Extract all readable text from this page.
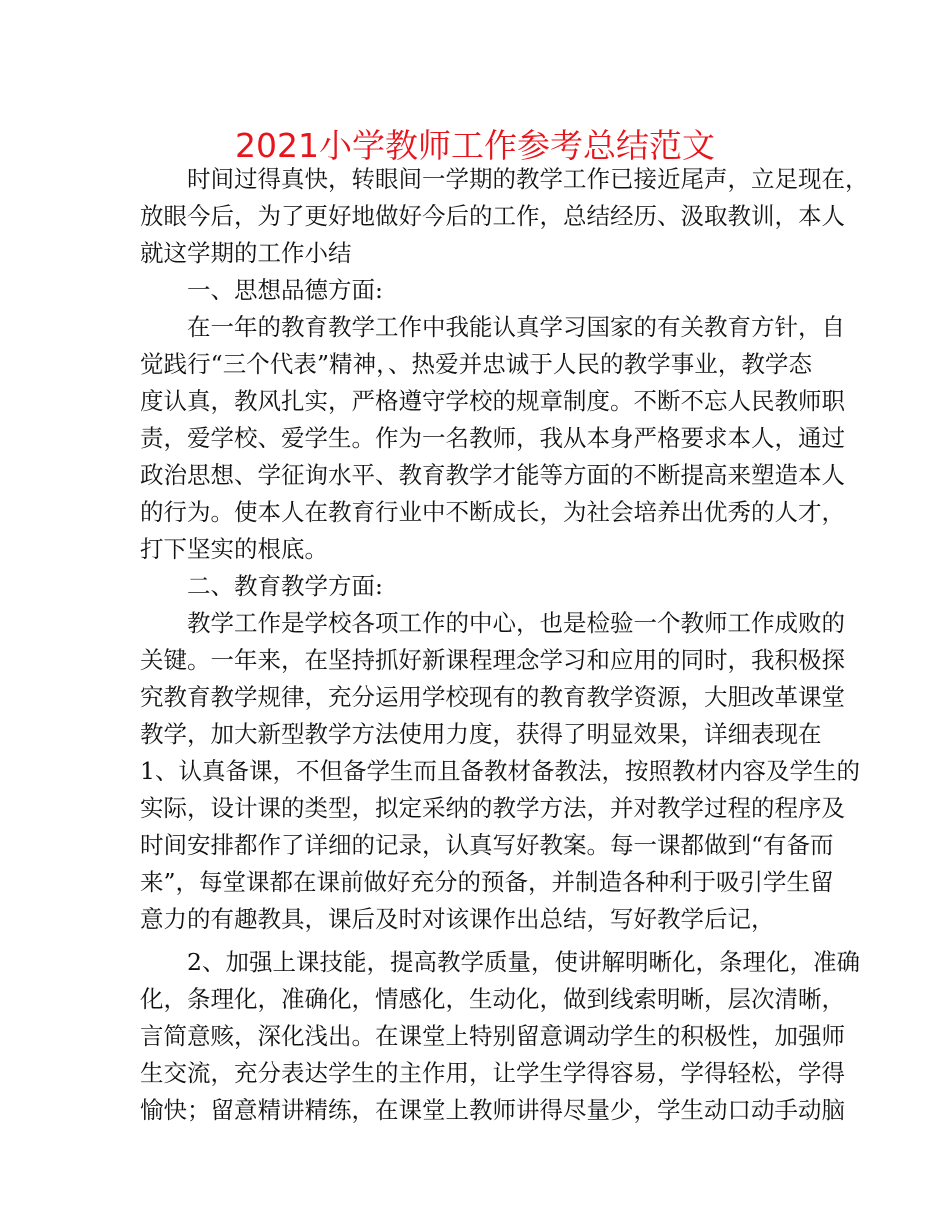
2021小学教师工作参考总结范文
时间过得真快，转眼间一学期的教学工作已接近尾声，立足现在，
放眼今后，为了更好地做好今后的工作，总结经历、汲取教训，本人
就这学期的工作小结
一、思想品德方面:
在一年的教育教学工作中我能认真学习国家的有关教育方针，自
觉践行“三个代表”精神，、热爱并忠诚于人民的教学事业，教学态
度认真，教风扎实，严格遵守学校的规章制度。不断不忘人民教师职
责，爱学校、爱学生。作为一名教师，我从本身严格要求本人，通过
政治思想、学征询水平、教育教学才能等方面的不断提高来塑造本人
的行为。使本人在教育行业中不断成长，为社会培养出优秀的人才，
打下坚实的根底。
二、教育教学方面:
教学工作是学校各项工作的中心，也是检验一个教师工作成败的
关键。一年来，在坚持抓好新课程理念学习和应用的同时，我积极探
究教育教学规律，充分运用学校现有的教育教学资源，大胆改革课堂
教学，加大新型教学方法使用力度，获得了明显效果，详细表现在
1、认真备课，不但备学生而且备教材备教法，按照教材内容及学生的
实际，设计课的类型，拟定采纳的教学方法，并对教学过程的程序及
时间安排都作了详细的记录，认真写好教案。每一课都做到“有备而
来”，每堂课都在课前做好充分的预备，并制造各种利于吸引学生留
意力的有趣教具，课后及时对该课作出总结，写好教学后记，
2、加强上课技能，提高教学质量，使讲解明晰化，条理化，准确
化，条理化，准确化，情感化，生动化，做到线索明晰，层次清晰，
言简意赅，深化浅出。在课堂上特别留意调动学生的积极性，加强师
生交流，充分表达学生的主作用，让学生学得容易，学得轻松，学得
愉快；留意精讲精练，在课堂上教师讲得尽量少，学生动口动手动脑
